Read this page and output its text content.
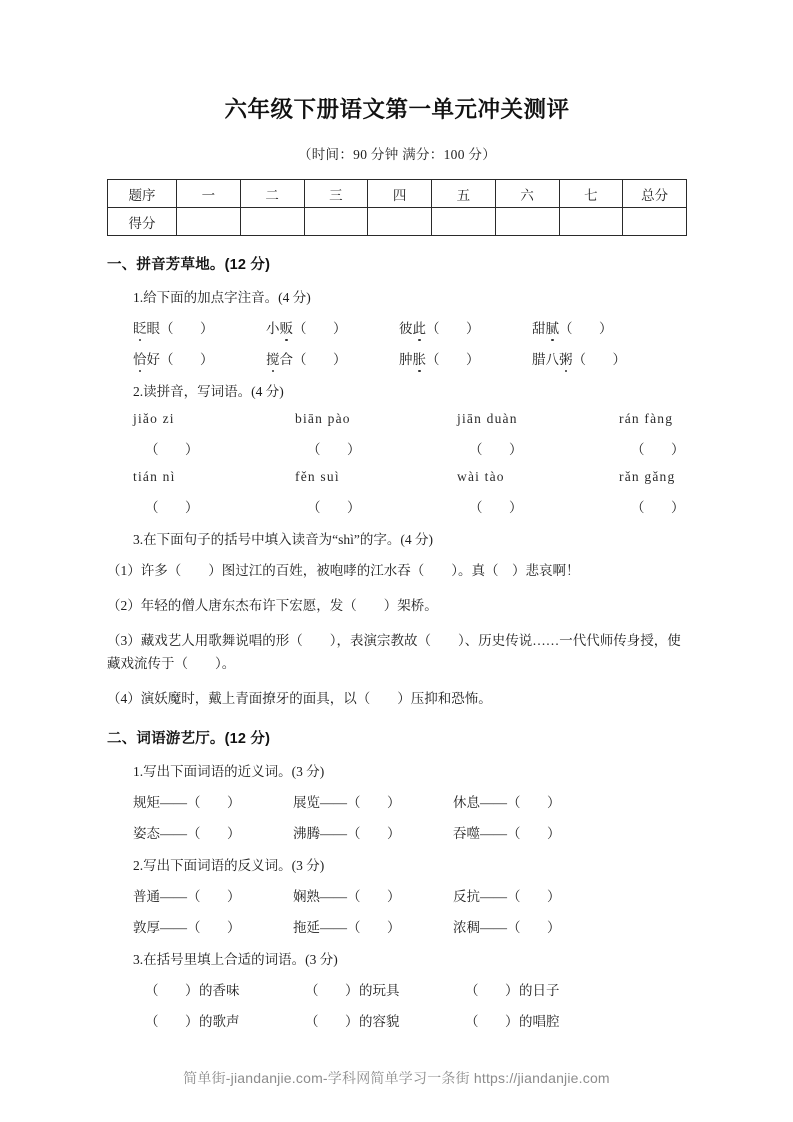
六年级下册语文第一单元冲关测评
（时间：90 分钟 满分：100 分）
题序	一	二	三	四	五	六	七	总分
得分								
一、拼音芳草地。(12 分)
1.给下面的加点字注音。(4 分)
眨眼（ ）	小贩（ ）	彼此（ ）	甜腻（ ）
恰好（ ）	搅合（ ）	肿胀（ ）	腊八粥（ ）
2.读拼音，写词语。(4 分)
jiǎo zi	biān pào	jiān duàn	rán fàng
（ ）	（ ）	（ ）	（ ）
tián nì	fěn suì	wài tào	rǎn gǎng
（ ）	（ ）	（ ）	（ ）
3.在下面句子的括号中填入读音为“shì”的字。(4 分)
（1）许多（　　）图过江的百姓，被咆哮的江水吞（　　）。真（　）悲哀啊！
（2）年轻的僧人唐东杰布许下宏愿，发（　　）架桥。
（3）藏戏艺人用歌舞说唱的形（　　），表演宗教故（　　）、历史传说……一代代师传身授，使藏戏流传于（　　）。
（4）演妖魔时，戴上青面撩牙的面具，以（　　）压抑和恐怖。
二、词语游艺厅。(12 分)
1.写出下面词语的近义词。(3 分)
规矩——（ ）	展览——（ ）	休息——（ ）
姿态——（ ）	沸腾——（ ）	吞噬——（ ）
2.写出下面词语的反义词。(3 分)
普通——（ ）	娴熟——（ ）	反抗——（ ）
敦厚——（ ）	拖延——（ ）	浓稠——（ ）
3.在括号里填上合适的词语。(3 分)
（ ）的香味	（ ）的玩具	（ ）的日子
（ ）的歌声	（ ）的容貌	（ ）的唱腔
简单街-jiandanjie.com-学科网简单学习一条街 https://jiandanjie.com
